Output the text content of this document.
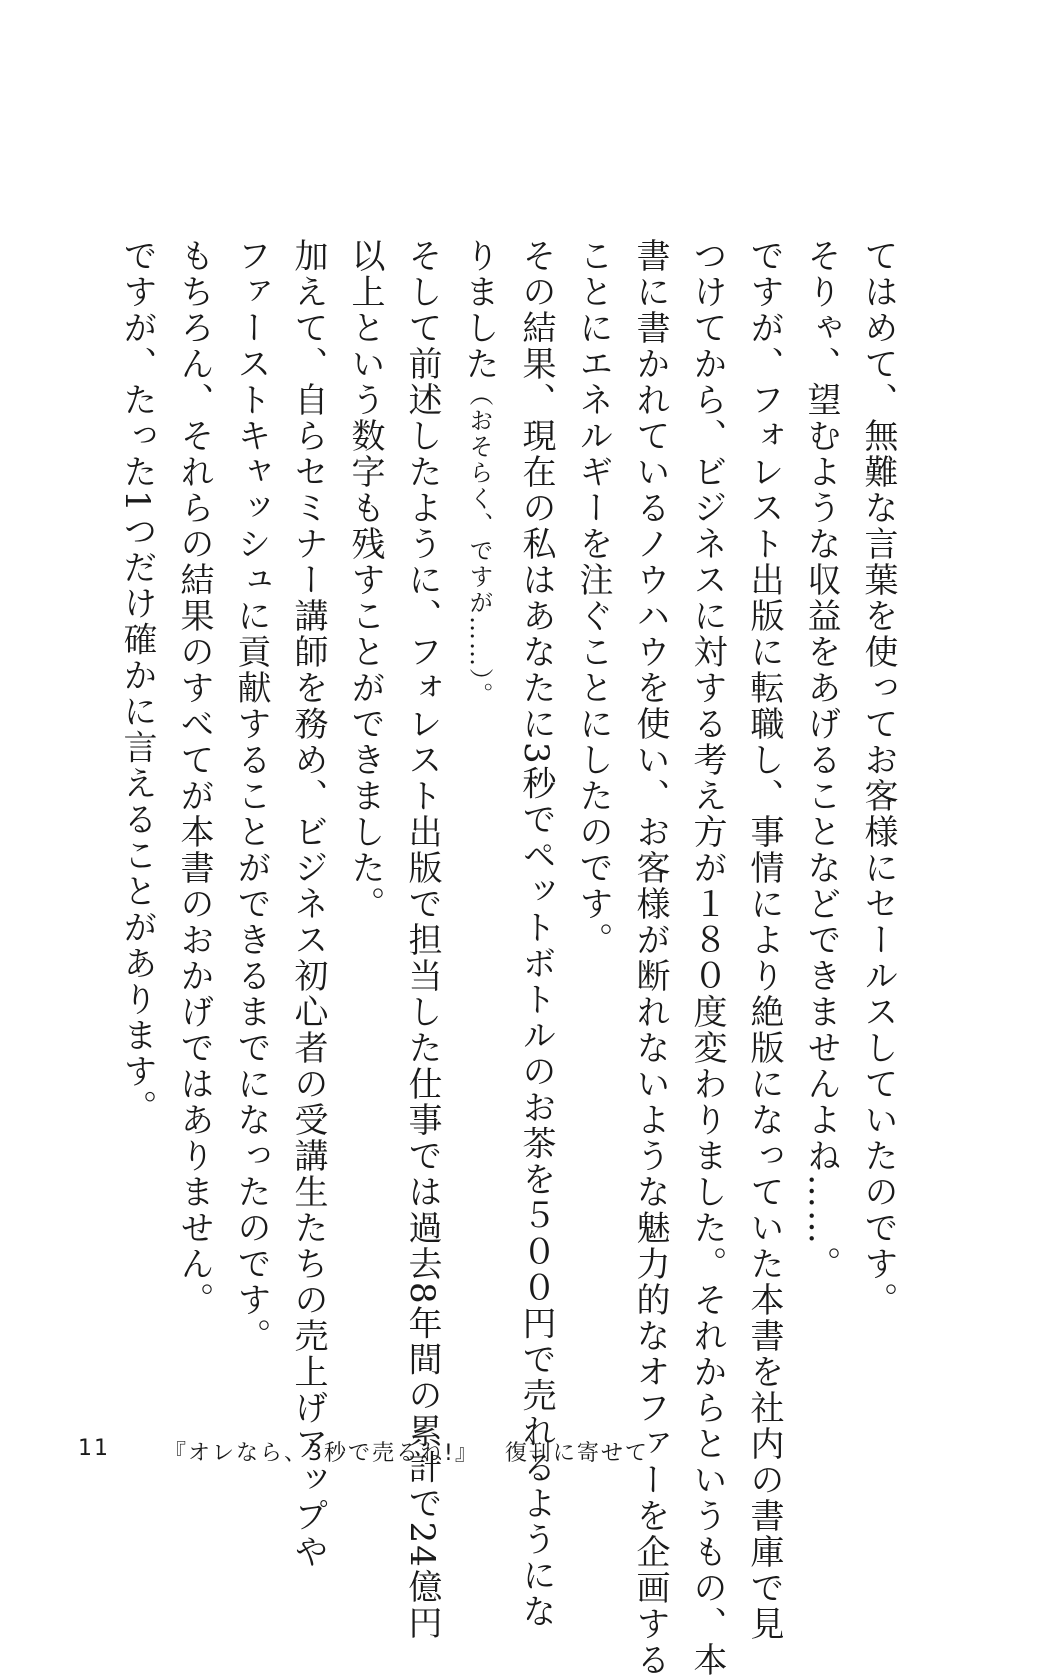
てはめて、無難な言葉を使ってお客様にセールスしていたのです。
そりゃ、望むような収益をあげることなどできませんよね……。
ですが、フォレスト出版に転職し、事情により絶版になっていた本書を社内の書庫で見
つけてから、ビジネスに対する考え方が１８０度変わりました。それからというもの、本
書に書かれているノウハウを使い、お客様が断れないような魅力的なオファーを企画する
ことにエネルギーを注ぐことにしたのです。
その結果、現在の私はあなたに3秒でペットボトルのお茶を５００円で売れるようにな
りました（おそらく、ですが……）。
そして前述したように、フォレスト出版で担当した仕事では過去8年間の累計で24億円
以上という数字も残すことができました。
加えて、自らセミナー講師を務め、ビジネス初心者の受講生たちの売上げアップや
ファーストキャッシュに貢献することができるまでになったのです。
もちろん、それらの結果のすべてが本書のおかげではありません。
ですが、たった1つだけ確かに言えることがあります。
11 『オレなら、3秒で売るね!』 復刊に寄せて
